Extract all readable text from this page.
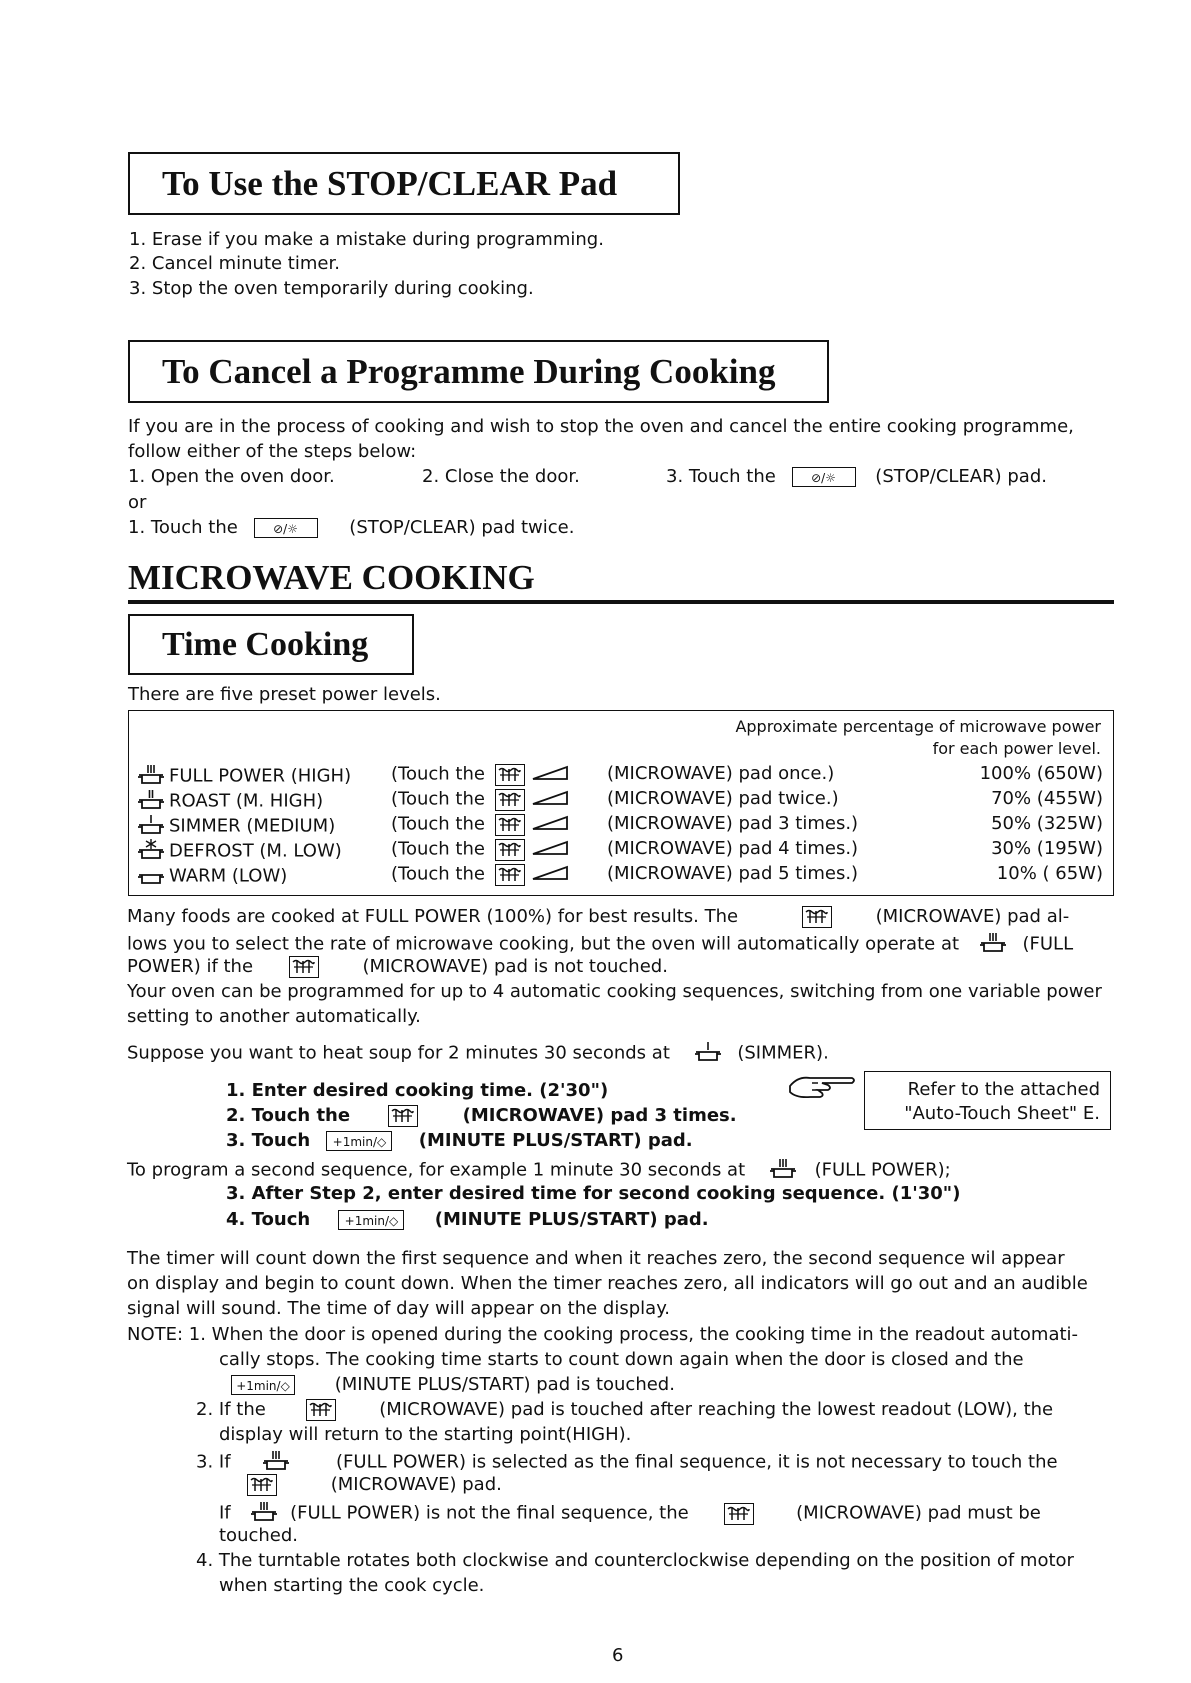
To Use the STOP/CLEAR Pad
1. Erase if you make a mistake during programming.
2. Cancel minute timer.
3. Stop the oven temporarily during cooking.
To Cancel a Programme During Cooking
If you are in the process of cooking and wish to stop the oven and cancel the entire cooking programme,
follow either of the steps below:
1. Open the oven door.	2. Close the door.	3. Touch the	⊘/☼ (STOP/CLEAR) pad.
or
1. Touch the	⊘/☼	(STOP/CLEAR) pad twice.
MICROWAVE COOKING
Time Cooking
There are five preset power levels.
Approximate percentage of microwave power
for each power level.
FULL POWER (HIGH) (Touch the	(MICROWAVE) pad once.)	100% (650W)
ROAST (M. HIGH)	(Touch the	(MICROWAVE) pad twice.)	70% (455W)
SIMMER (MEDIUM)	(Touch the	(MICROWAVE) pad 3 times.)	50% (325W)
DEFROST (M. LOW)	(Touch the	(MICROWAVE) pad 4 times.)	30% (195W)
WARM (LOW)	(Touch the	(MICROWAVE) pad 5 times.)	10% ( 65W)
Many foods are cooked at FULL POWER (100%) for best results. The	(MICROWAVE) pad al-
lows you to select the rate of microwave cooking, but the oven will automatically operate at	(FULL
POWER) if the	(MICROWAVE) pad is not touched.
Your oven can be programmed for up to 4 automatic cooking sequences, switching from one variable power
setting to another automatically.
Suppose you want to heat soup for 2 minutes 30 seconds at	(SIMMER).
1. Enter desired cooking time. (2'30")
2. Touch the	(MICROWAVE) pad 3 times.
3. Touch +1min/◇ (MINUTE PLUS/START) pad.
Refer to the attached
"Auto-Touch Sheet" E.
To program a second sequence, for example 1 minute 30 seconds at	(FULL POWER);
3. After Step 2, enter desired time for second cooking sequence. (1'30")
4. Touch	+1min/◇ (MINUTE PLUS/START) pad.
The timer will count down the first sequence and when it reaches zero, the second sequence wil appear
on display and begin to count down. When the timer reaches zero, all indicators will go out and an audible
signal will sound. The time of day will appear on the display.
NOTE: 1. When the door is opened during the cooking process, the cooking time in the readout automati-
cally stops. The cooking time starts to count down again when the door is closed and the
+1min/◇ (MINUTE PLUS/START) pad is touched.
2. If the	(MICROWAVE) pad is touched after reaching the lowest readout (LOW), the
display will return to the starting point(HIGH).
3. If	(FULL POWER) is selected as the final sequence, it is not necessary to touch the
(MICROWAVE) pad.
If	(FULL POWER) is not the final sequence, the	(MICROWAVE) pad must be
touched.
4. The turntable rotates both clockwise and counterclockwise depending on the position of motor
when starting the cook cycle.
6
